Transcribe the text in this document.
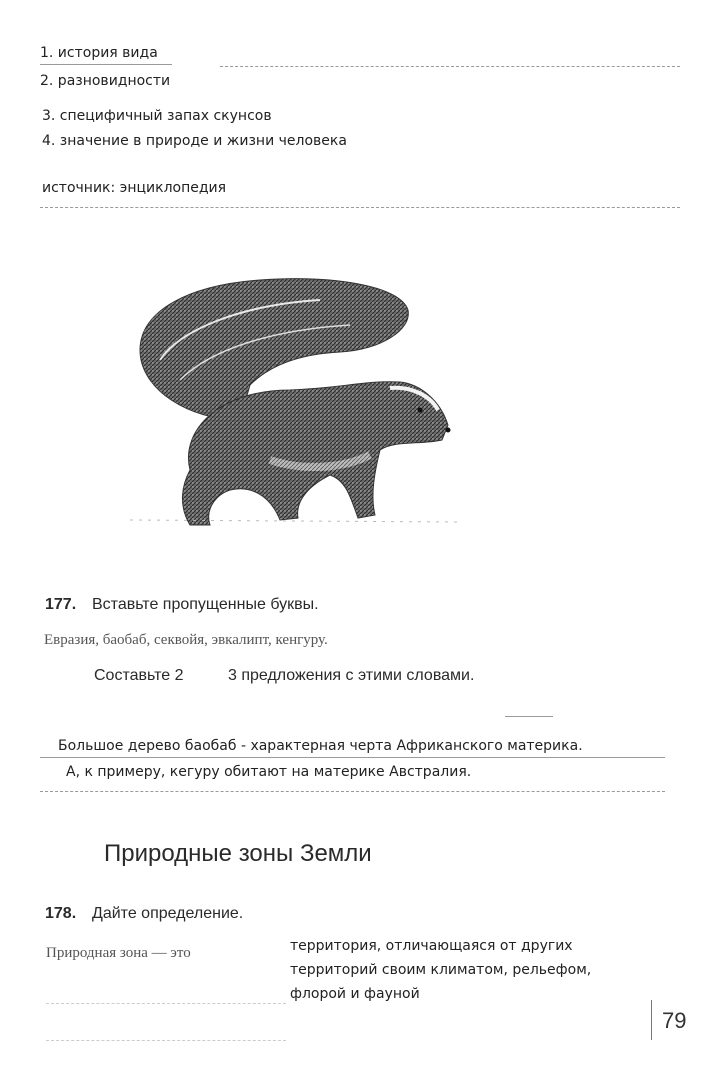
1. история вида
2. разновидности
3. специфичный запах скунсов
4. значение в природе и жизни человека
источник: энциклопедия
177. Вставьте пропущенные буквы.
Евразия, баобаб, секвойя, эвкалипт, кенгуру.
Составьте 2	3 предложения с этими словами.
Большое дерево баобаб - характерная черта Африканского материка.
А, к примеру, кегуру обитают на материке Австралия.
Природные зоны Земли
178. Дайте определение.
Природная зона — это	территория, отличающаяся от других
территорий своим климатом, рельефом,
флорой и фауной
79
